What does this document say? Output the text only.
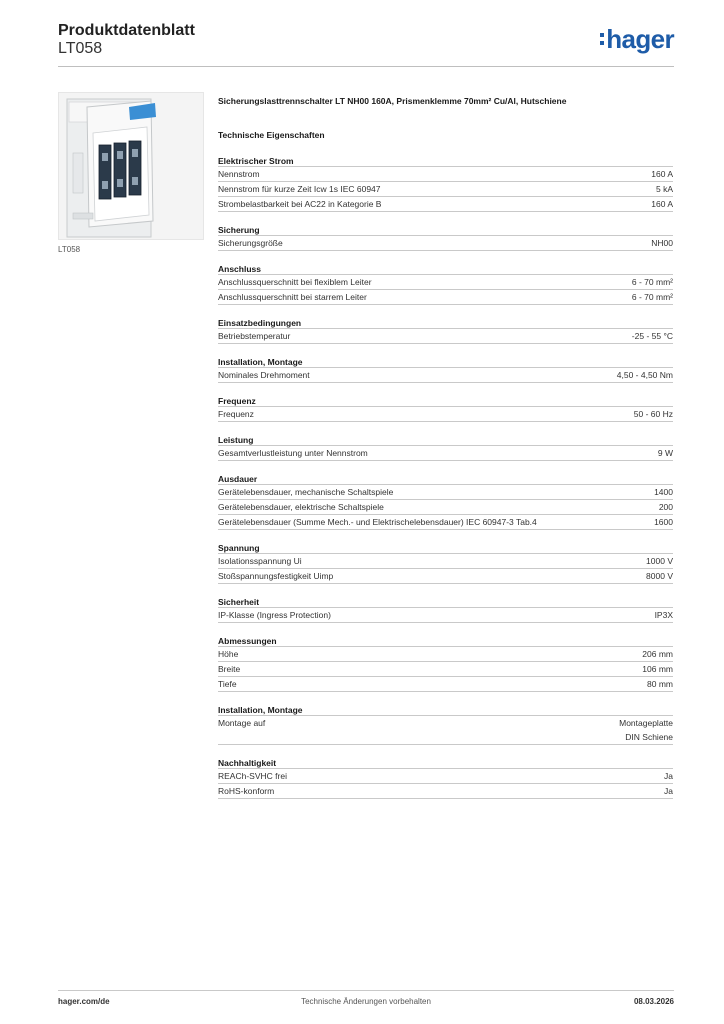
Produktdatenblatt
LT058	hager
LT058
Sicherungslasttrennschalter LT NH00 160A, Prismenklemme 70mm² Cu/Al, Hutschiene
Technische Eigenschaften
Elektrischer Strom
Nennstrom	160 A
Nennstrom für kurze Zeit Icw 1s IEC 60947	5 kA
Strombelastbarkeit bei AC22 in Kategorie B	160 A
Sicherung
Sicherungsgröße	NH00
Anschluss
Anschlussquerschnitt bei flexiblem Leiter	6 - 70 mm²
Anschlussquerschnitt bei starrem Leiter	6 - 70 mm²
Einsatzbedingungen
Betriebstemperatur	-25 - 55 °C
Installation, Montage
Nominales Drehmoment	4,50 - 4,50 Nm
Frequenz
Frequenz	50 - 60 Hz
Leistung
Gesamtverlustleistung unter Nennstrom	9 W
Ausdauer
Gerätelebensdauer, mechanische Schaltspiele	1400
Gerätelebensdauer, elektrische Schaltspiele	200
Gerätelebensdauer (Summe Mech.- und Elektrischelebensdauer) IEC 60947-3 Tab.4	1600
Spannung
Isolationsspannung Ui	1000 V
Stoßspannungsfestigkeit Uimp	8000 V
Sicherheit
IP-Klasse (Ingress Protection)	IP3X
Abmessungen
Höhe	206 mm
Breite	106 mm
Tiefe	80 mm
Installation, Montage
Montage auf	Montageplatte
DIN Schiene
Nachhaltigkeit
REACh-SVHC frei	Ja
RoHS-konform	Ja
hager.com/de	Technische Änderungen vorbehalten	08.03.2026
